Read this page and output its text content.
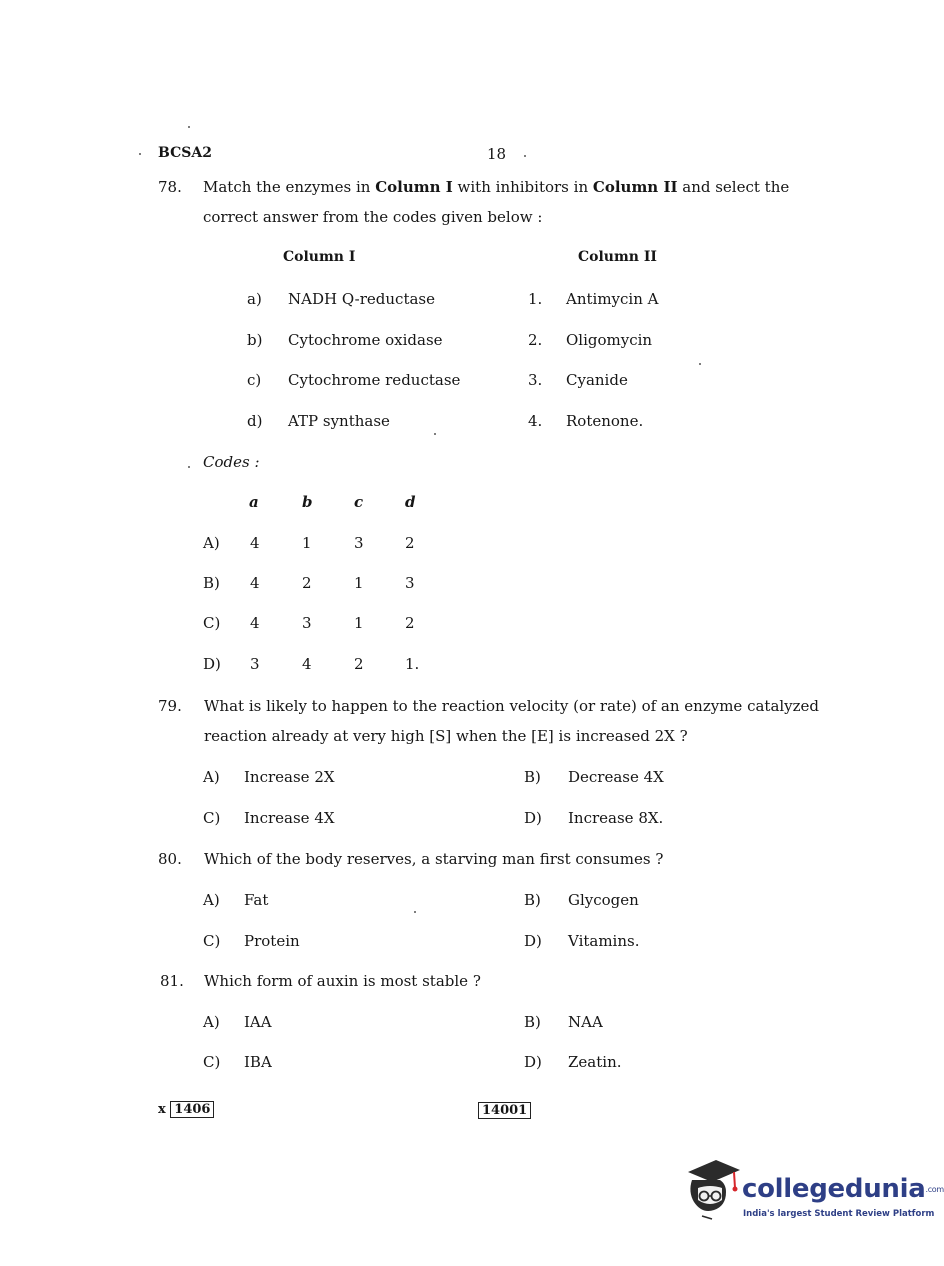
BCSA2	18
78. Match the enzymes in Column I with inhibitors in Column II and select the
correct answer from the codes given below :
Column I	Column II
a) NADH Q-reductase	1. Antimycin A
b) Cytochrome oxidase	2. Oligomycin
c) Cytochrome reductase	3. Cyanide
d) ATP synthase	4. Rotenone.
Codes :
a	b	c	d
A) 4	1	3	2
B) 4	2	1	3
C) 4	3	1	2
D) 3	4	2	1.
79. What is likely to happen to the reaction velocity (or rate) of an enzyme catalyzed
reaction already at very high [S] when the [E] is increased 2X ?
A) Increase 2X	B) Decrease 4X
C) Increase 4X	D) Increase 8X.
80. Which of the body reserves, a starving man first consumes ?
A) Fat	B) Glycogen
C) Protein	D) Vitamins.
81. Which form of auxin is most stable ?
A) IAA	B) NAA
C) IBA	D) Zeatin.
x 1406	14001
collegedunia.com
India's largest Student Review Platform
